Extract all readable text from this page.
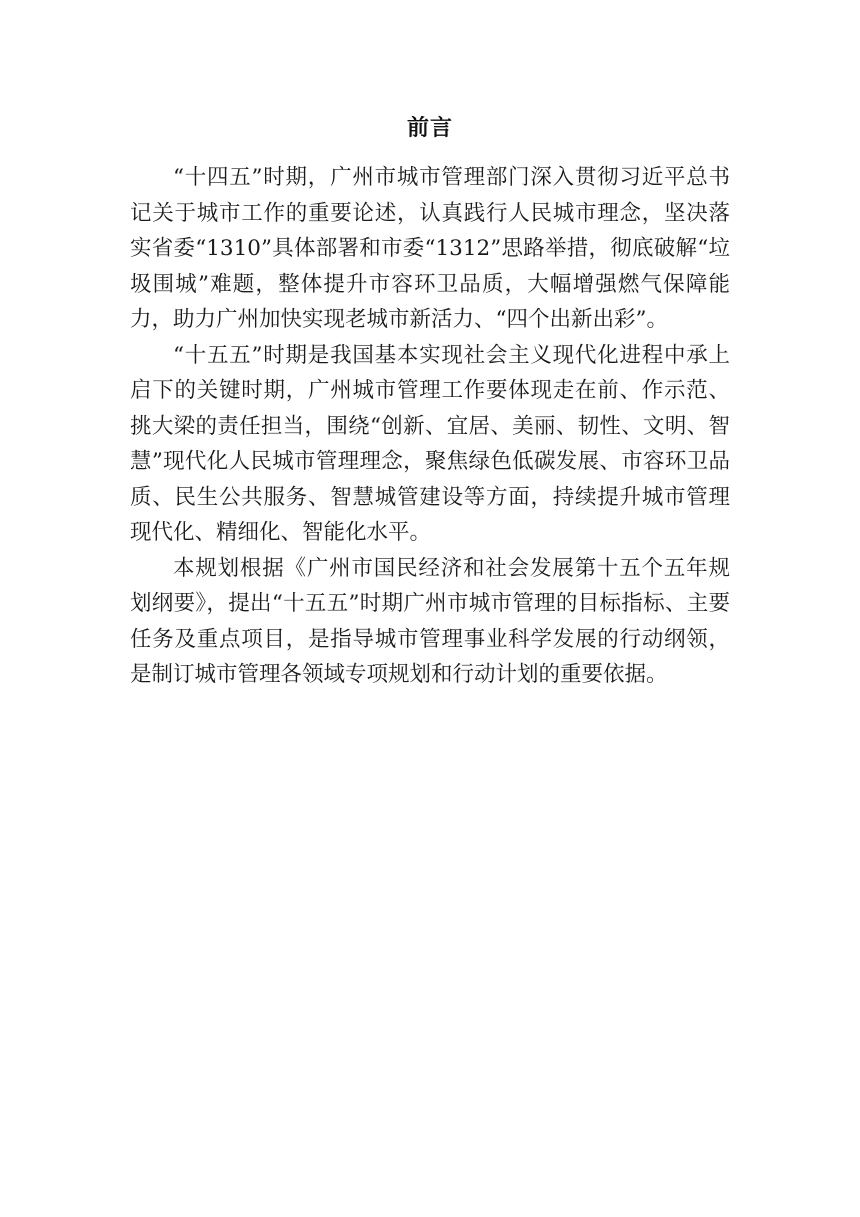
前言

“十四五”时期，广州市城市管理部门深入贯彻习近平总书记关于城市工作的重要论述，认真践行人民城市理念，坚决落实省委“1310”具体部署和市委“1312”思路举措，彻底破解“垃圾围城”难题，整体提升市容环卫品质，大幅增强燃气保障能力，助力广州加快实现老城市新活力、“四个出新出彩”。

“十五五”时期是我国基本实现社会主义现代化进程中承上启下的关键时期，广州城市管理工作要体现走在前、作示范、挑大梁的责任担当，围绕“创新、宜居、美丽、韧性、文明、智慧”现代化人民城市管理理念，聚焦绿色低碳发展、市容环卫品质、民生公共服务、智慧城管建设等方面，持续提升城市管理现代化、精细化、智能化水平。

本规划根据《广州市国民经济和社会发展第十五个五年规划纲要》，提出“十五五”时期广州市城市管理的目标指标、主要任务及重点项目，是指导城市管理事业科学发展的行动纲领，是制订城市管理各领域专项规划和行动计划的重要依据。
